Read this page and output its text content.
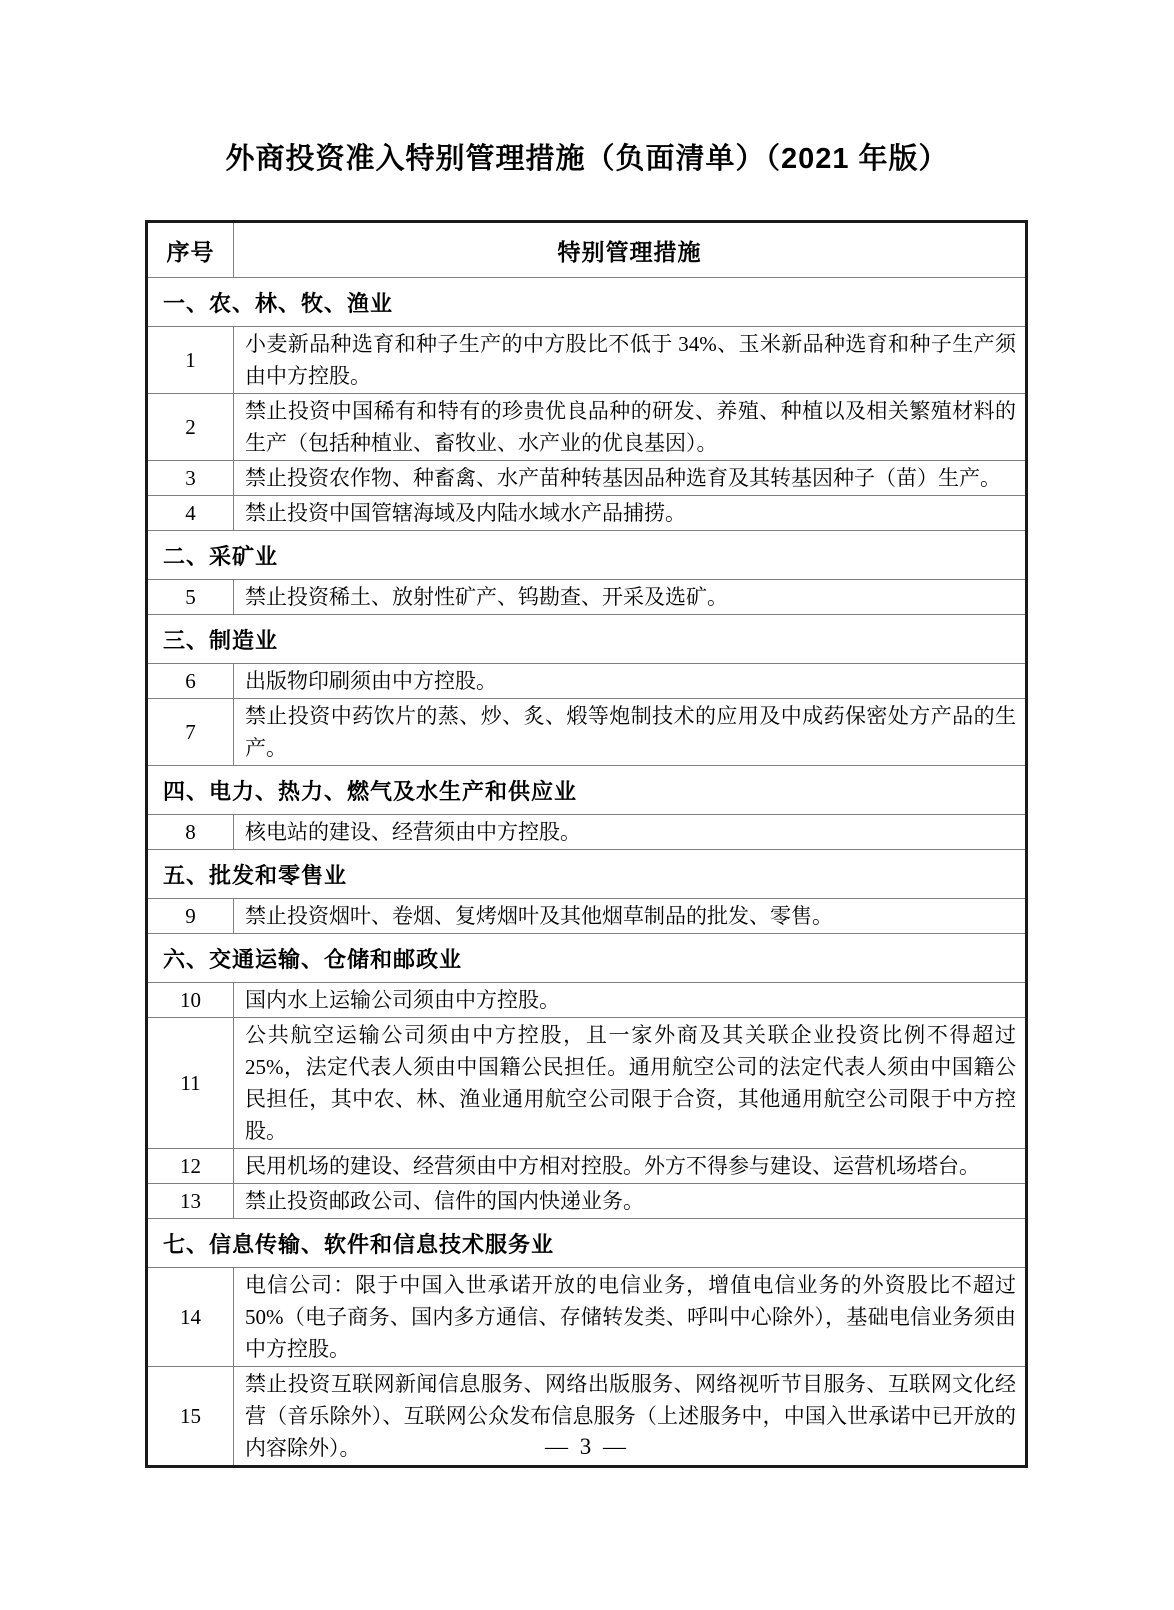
外商投资准入特别管理措施（负面清单）（2021 年版）
序号	特别管理措施
一、农、林、牧、渔业	
1	小麦新品种选育和种子生产的中方股比不低于 34%、玉米新品种选育和种子生产须由中方控股。
2	禁止投资中国稀有和特有的珍贵优良品种的研发、养殖、种植以及相关繁殖材料的生产（包括种植业、畜牧业、水产业的优良基因）。
3	禁止投资农作物、种畜禽、水产苗种转基因品种选育及其转基因种子（苗）生产。
4	禁止投资中国管辖海域及内陆水域水产品捕捞。
二、采矿业	
5	禁止投资稀土、放射性矿产、钨勘查、开采及选矿。
三、制造业	
6	出版物印刷须由中方控股。
7	禁止投资中药饮片的蒸、炒、炙、煅等炮制技术的应用及中成药保密处方产品的生产。
四、电力、热力、燃气及水生产和供应业	
8	核电站的建设、经营须由中方控股。
五、批发和零售业	
9	禁止投资烟叶、卷烟、复烤烟叶及其他烟草制品的批发、零售。
六、交通运输、仓储和邮政业	
10	国内水上运输公司须由中方控股。
11	公共航空运输公司须由中方控股，且一家外商及其关联企业投资比例不得超过 25%，法定代表人须由中国籍公民担任。通用航空公司的法定代表人须由中国籍公民担任，其中农、林、渔业通用航空公司限于合资，其他通用航空公司限于中方控股。
12	民用机场的建设、经营须由中方相对控股。外方不得参与建设、运营机场塔台。
13	禁止投资邮政公司、信件的国内快递业务。
七、信息传输、软件和信息技术服务业	
14	电信公司：限于中国入世承诺开放的电信业务，增值电信业务的外资股比不超过 50%（电子商务、国内多方通信、存储转发类、呼叫中心除外），基础电信业务须由中方控股。
15	禁止投资互联网新闻信息服务、网络出版服务、网络视听节目服务、互联网文化经营（音乐除外）、互联网公众发布信息服务（上述服务中，中国入世承诺中已开放的内容除外）。	— 3 —
